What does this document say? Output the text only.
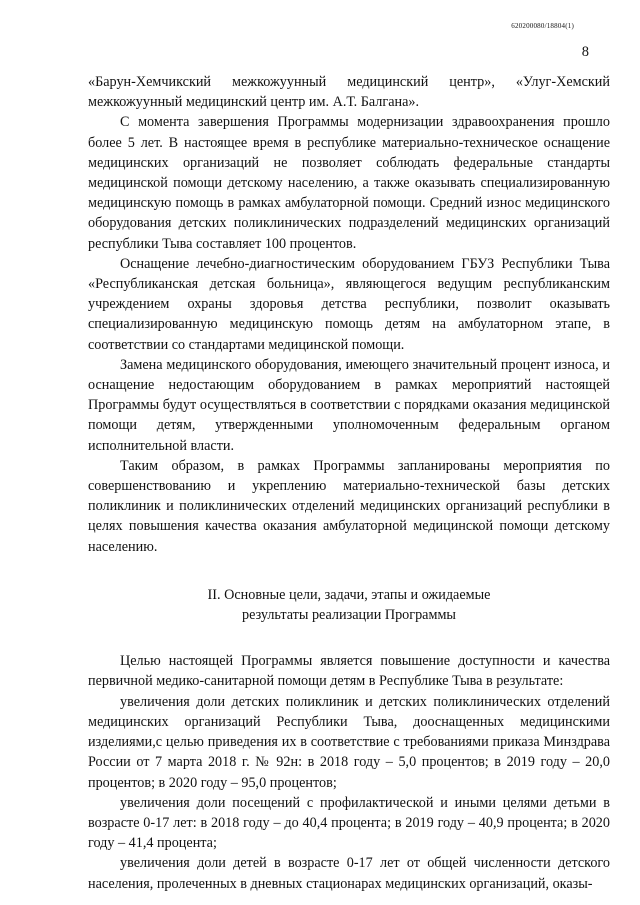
620200080/18804(1)
8

«Барун-Хемчикский межкожуунный медицинский центр», «Улуг-Хемский межкожуунный медицинский центр им. А.Т. Балгана».

С момента завершения Программы модернизации здравоохранения прошло более 5 лет. В настоящее время в республике материально-техническое оснащение медицинских организаций не позволяет соблюдать федеральные стандарты медицинской помощи детскому населению, а также оказывать специализированную медицинскую помощь в рамках амбулаторной помощи. Средний износ медицинского оборудования детских поликлинических подразделений медицинских организаций республики Тыва составляет 100 процентов.

Оснащение лечебно-диагностическим оборудованием ГБУЗ Республики Тыва «Республиканская детская больница», являющегося ведущим республиканским учреждением охраны здоровья детства республики, позволит оказывать специализированную медицинскую помощь детям на амбулаторном этапе, в соответствии со стандартами медицинской помощи.

Замена медицинского оборудования, имеющего значительный процент износа, и оснащение недостающим оборудованием в рамках мероприятий настоящей Программы будут осуществляться в соответствии с порядками оказания медицинской помощи детям, утвержденными уполномоченным федеральным органом исполнительной власти.

Таким образом, в рамках Программы запланированы мероприятия по совершенствованию и укреплению материально-технической базы детских поликлиник и поликлинических отделений медицинских организаций республики в целях повышения качества оказания амбулаторной медицинской помощи детскому населению.

II. Основные цели, задачи, этапы и ожидаемые
результаты реализации Программы

Целью настоящей Программы является повышение доступности и качества первичной медико-санитарной помощи детям в Республике Тыва в результате:

увеличения доли детских поликлиник и детских поликлинических отделений медицинских организаций Республики Тыва, дооснащенных медицинскими изделиями,с целью приведения их в соответствие с требованиями приказа Минздрава России от 7 марта 2018 г. № 92н: в 2018 году – 5,0 процентов; в 2019 году – 20,0 процентов; в 2020 году – 95,0 процентов;

увеличения доли посещений с профилактической и иными целями детьми в возрасте 0-17 лет: в 2018 году – до 40,4 процента; в 2019 году – 40,9 процента; в 2020 году – 41,4 процента;

увеличения доли детей в возрасте 0-17 лет от общей численности детского населения, пролеченных в дневных стационарах медицинских организаций, оказы-
